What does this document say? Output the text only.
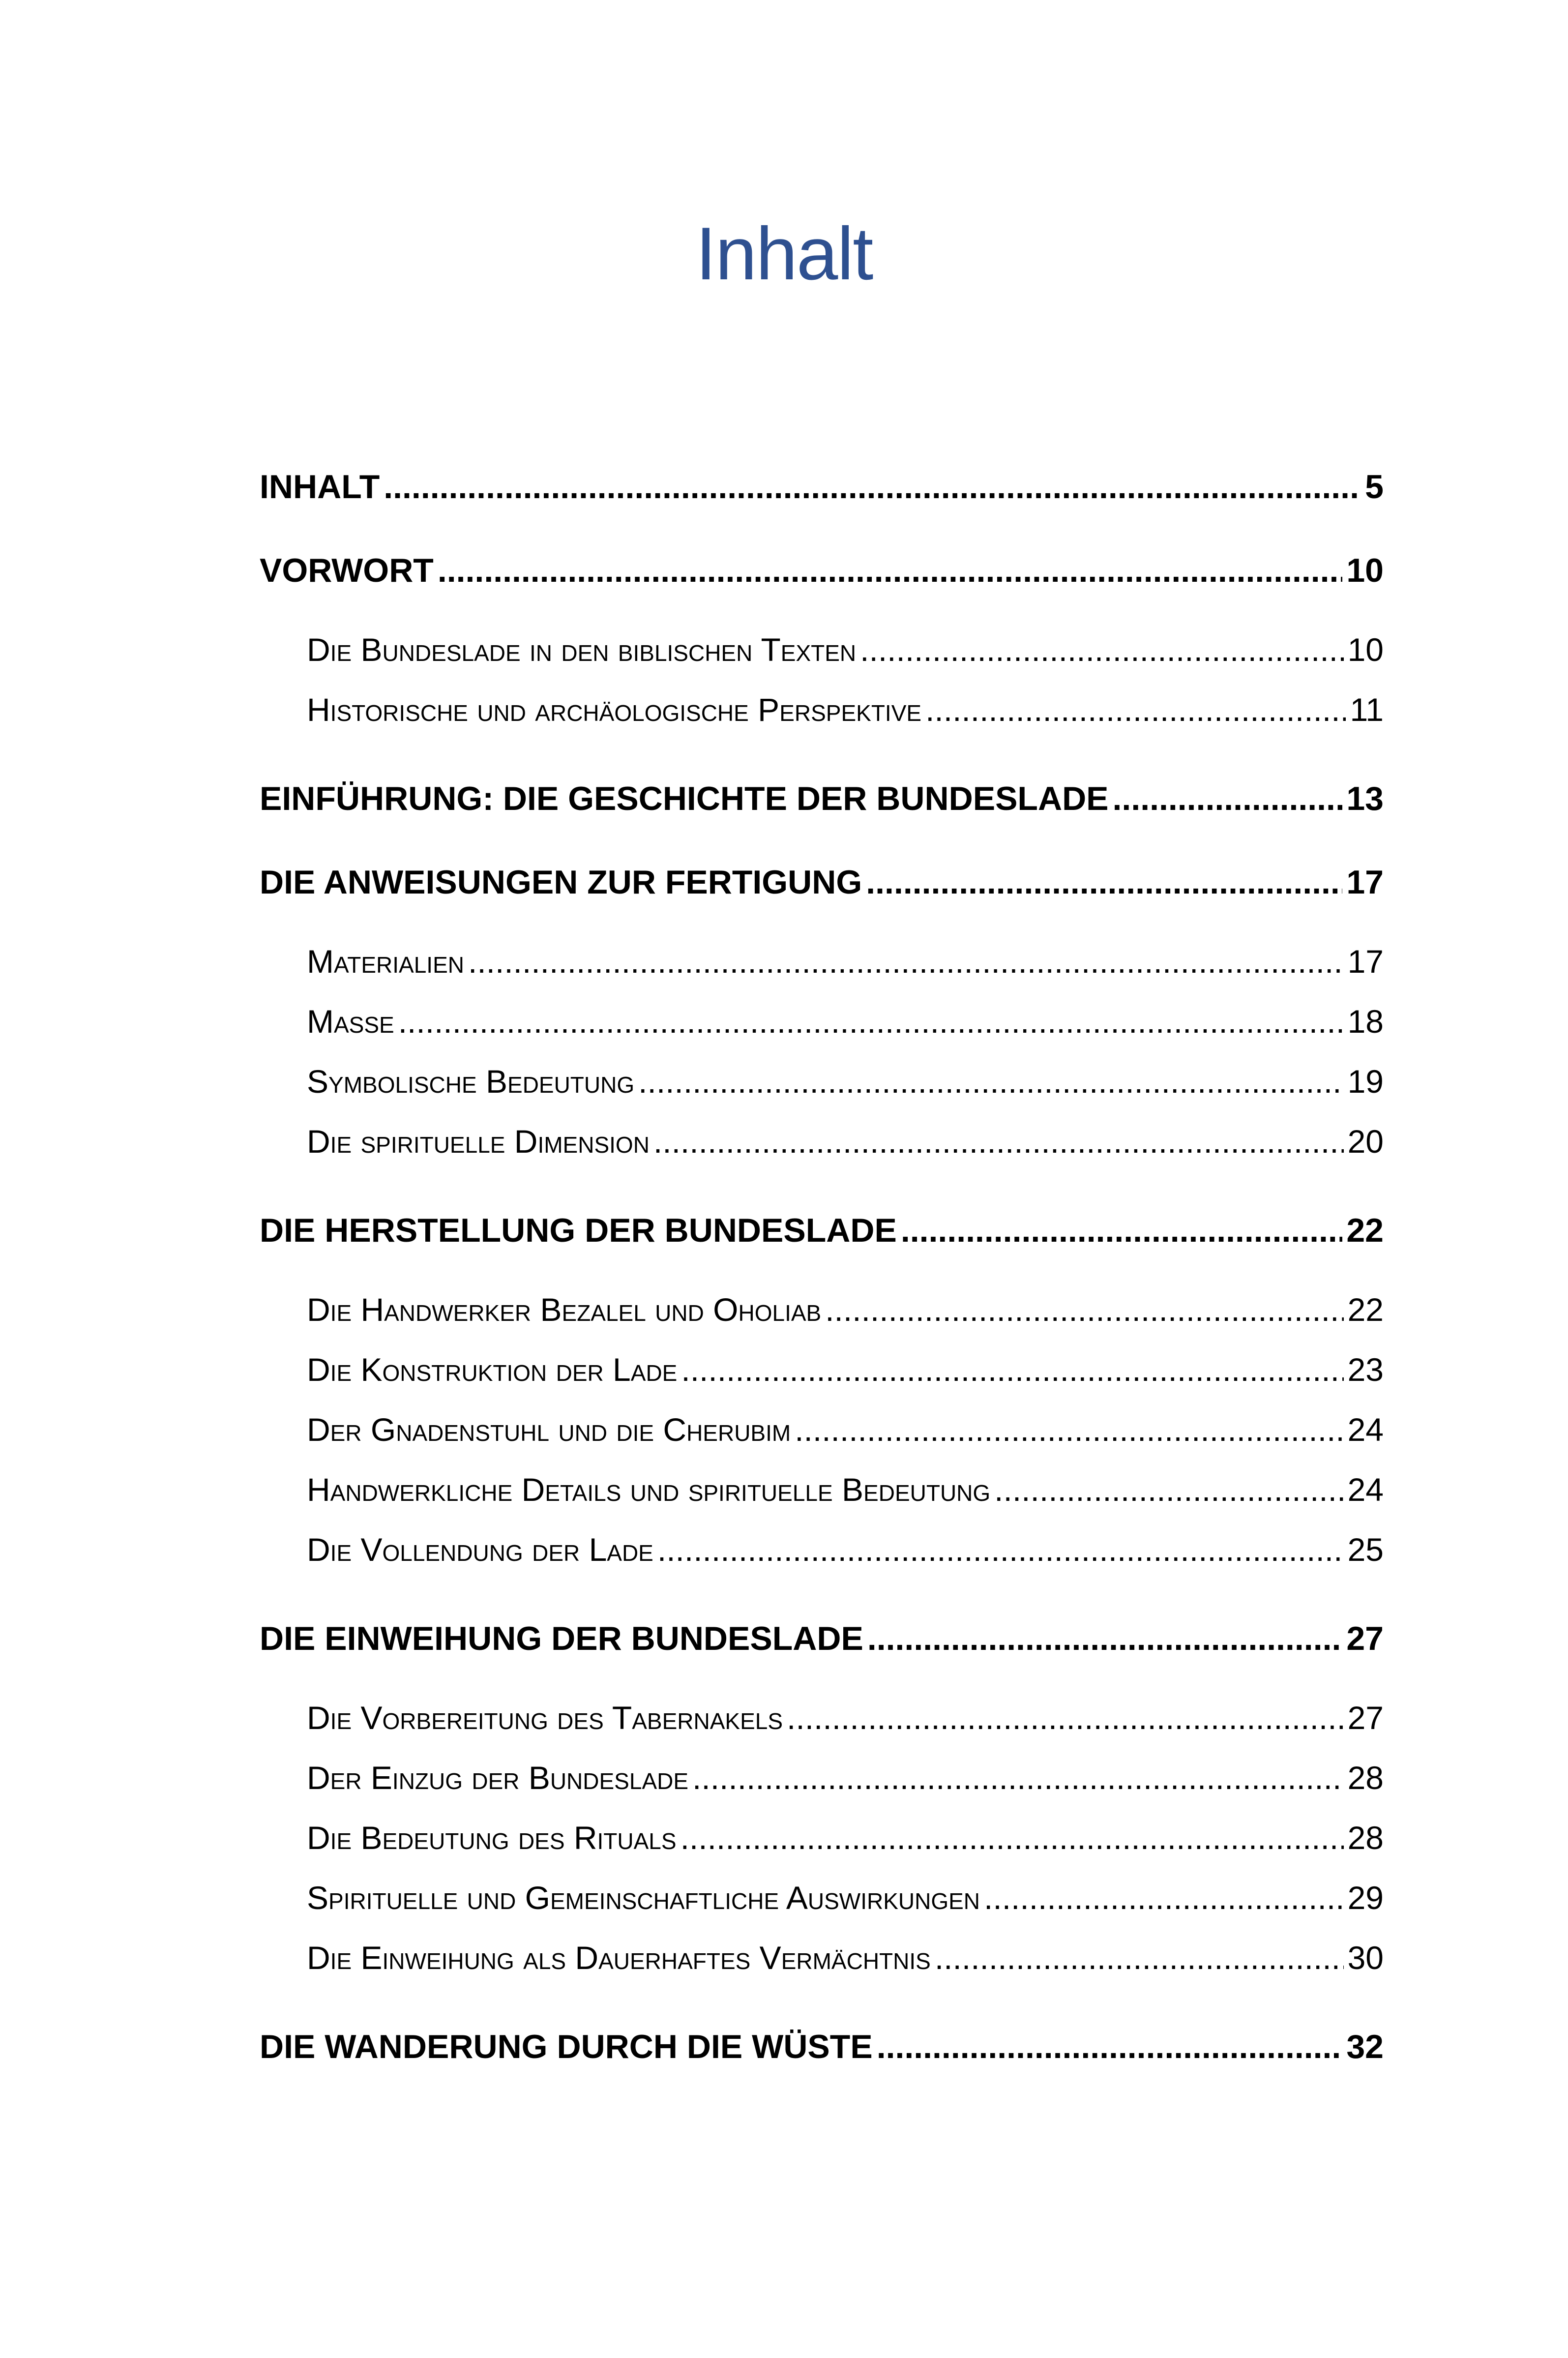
Inhalt
INHALT .....	5
VORWORT .....	10
Die Bundeslade in den biblischen Texten .....	10
Historische und archäologische Perspektive .....	11
EINFÜHRUNG: DIE GESCHICHTE DER BUNDESLADE .....	13
DIE ANWEISUNGEN ZUR FERTIGUNG .....	17
Materialien .....	17
Maße .....	18
Symbolische Bedeutung .....	19
Die spirituelle Dimension .....	20
DIE HERSTELLUNG DER BUNDESLADE .....	22
Die Handwerker Bezalel und Oholiab .....	22
Die Konstruktion der Lade .....	23
Der Gnadenstuhl und die Cherubim .....	24
Handwerkliche Details und spirituelle Bedeutung .....	24
Die Vollendung der Lade .....	25
DIE EINWEIHUNG DER BUNDESLADE .....	27
Die Vorbereitung des Tabernakels .....	27
Der Einzug der Bundeslade .....	28
Die Bedeutung des Rituals .....	28
Spirituelle und Gemeinschaftliche Auswirkungen .....	29
Die Einweihung als Dauerhaftes Vermächtnis .....	30
DIE WANDERUNG DURCH DIE WÜSTE .....	32
